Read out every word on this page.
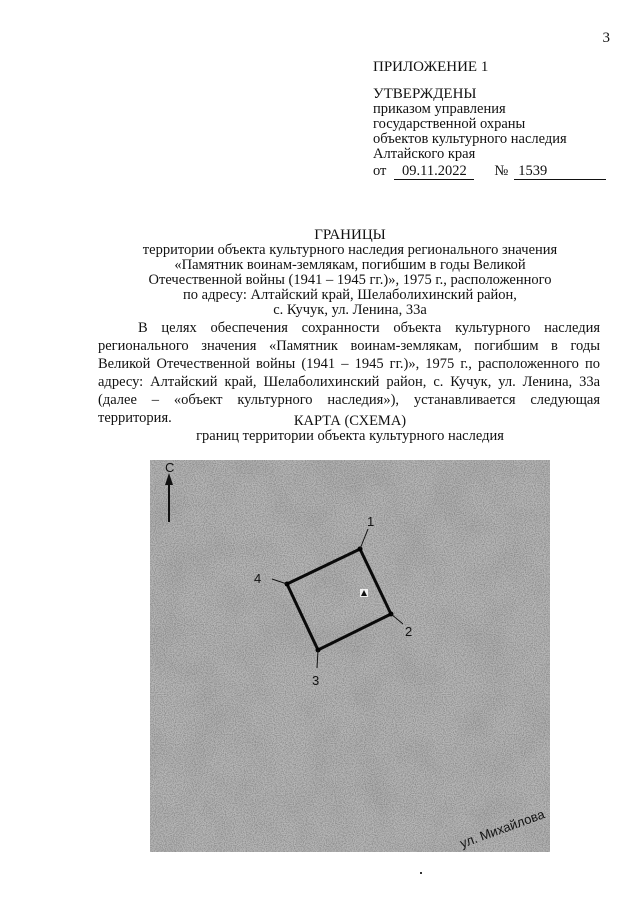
3
ПРИЛОЖЕНИЕ 1
УТВЕРЖДЕНЫ
приказом управления
государственной охраны
объектов культурного наследия
Алтайского края
от 09.11.2022 № 1539
ГРАНИЦЫ
территории объекта культурного наследия регионального значения
«Памятник воинам-землякам, погибшим в годы Великой
Отечественной войны (1941 – 1945 гг.)», 1975 г., расположенного
по адресу: Алтайский край, Шелаболихинский район,
с. Кучук, ул. Ленина, 33а

В целях обеспечения сохранности объекта культурного наследия регионального значения «Памятник воинам-землякам, погибшим в годы Великой Отечественной войны (1941 – 1945 гг.)», 1975 г., расположенного по адресу: Алтайский край, Шелаболихинский район, с. Кучук, ул. Ленина, 33а (далее – «объект культурного наследия»), устанавливается следующая территория.	КАРТА (СХЕМА)
границ территории объекта культурного наследия
С
1
2
3
4
ул. Михайлова
